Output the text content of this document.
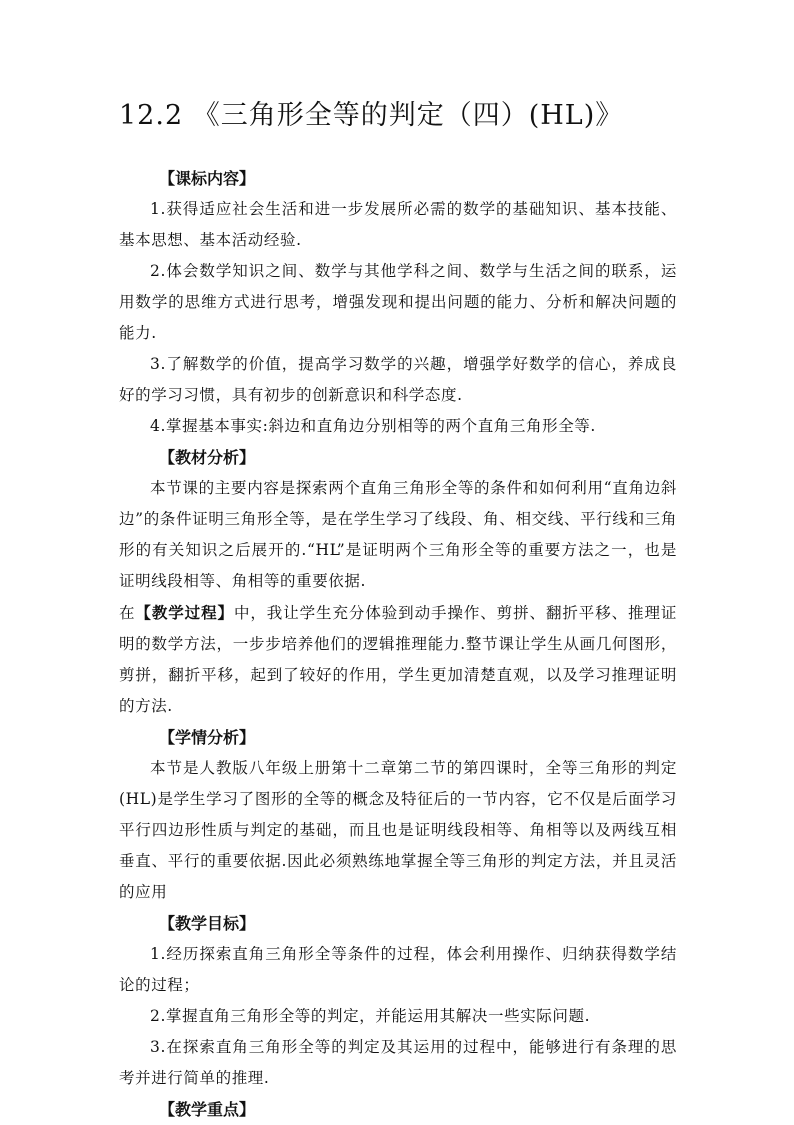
12.2 《三角形全等的判定（四）(HL)》
【课标内容】

1.获得适应社会生活和进一步发展所必需的数学的基础知识、基本技能、基本思想、基本活动经验.

2.体会数学知识之间、数学与其他学科之间、数学与生活之间的联系，运用数学的思维方式进行思考，增强发现和提出问题的能力、分析和解决问题的能力.

3.了解数学的价值，提高学习数学的兴趣，增强学好数学的信心，养成良好的学习习惯，具有初步的创新意识和科学态度.

4.掌握基本事实:斜边和直角边分别相等的两个直角三角形全等.

【教材分析】

本节课的主要内容是探索两个直角三角形全等的条件和如何利用“直角边斜边”的条件证明三角形全等，是在学生学习了线段、角、相交线、平行线和三角形的有关知识之后展开的.“HL”是证明两个三角形全等的重要方法之一，也是证明线段相等、角相等的重要依据.

在【教学过程】中，我让学生充分体验到动手操作、剪拼、翻折平移、推理证明的数学方法，一步步培养他们的逻辑推理能力.整节课让学生从画几何图形，剪拼，翻折平移，起到了较好的作用，学生更加清楚直观，以及学习推理证明的方法.

【学情分析】

本节是人教版八年级上册第十二章第二节的第四课时，全等三角形的判定(HL)是学生学习了图形的全等的概念及特征后的一节内容，它不仅是后面学习平行四边形性质与判定的基础，而且也是证明线段相等、角相等以及两线互相垂直、平行的重要依据.因此必须熟练地掌握全等三角形的判定方法，并且灵活的应用

【教学目标】

1.经历探索直角三角形全等条件的过程，体会利用操作、归纳获得数学结论的过程；

2.掌握直角三角形全等的判定，并能运用其解决一些实际问题.

3.在探索直角三角形全等的判定及其运用的过程中，能够进行有条理的思考并进行简单的推理.

【教学重点】
